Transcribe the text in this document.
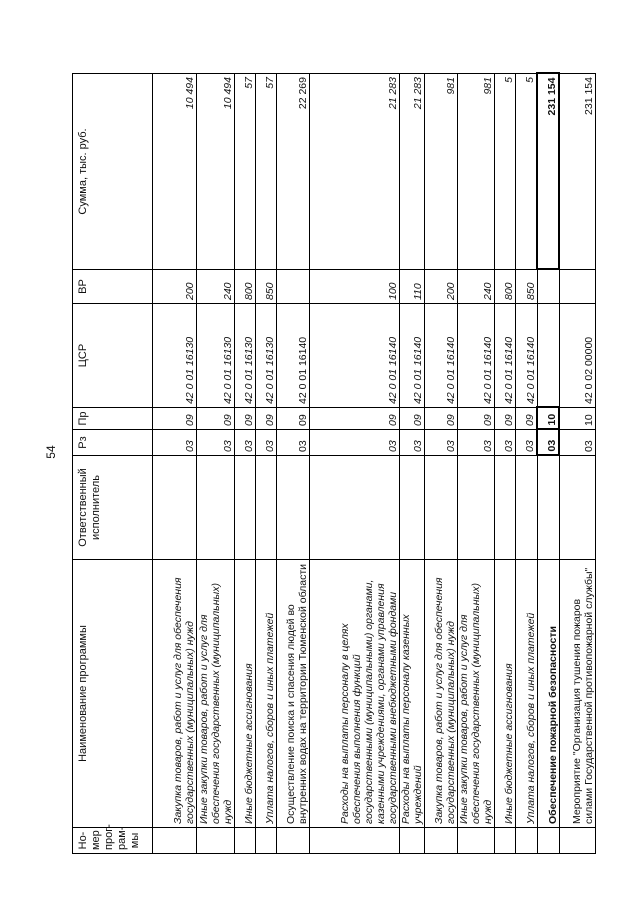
54
Но-мер прог-рам-мы	Наименование программы	Ответственный исполнитель	Рз	Пр	ЦСР	ВР	Сумма, тыс. руб.
	Закупка товаров, работ и услуг для обеспечения государственных (муниципальных) нужд		03	09	42 0 01 16130	200	10 494
	Иные закупки товаров, работ и услуг для обеспечения государственных (муниципальных) нужд		03	09	42 0 01 16130	240	10 494
	Иные бюджетные ассигнования		03	09	42 0 01 16130	800	57
	Уплата налогов, сборов и иных платежей		03	09	42 0 01 16130	850	57
	Осуществление поиска и спасения людей во внутренних водах на территории Тюменской области		03	09	42 0 01 16140		22 269
	Расходы на выплаты персоналу в целях обеспечения выполнения функций государственными (муниципальными) органами, казенными учреждениями, органами управления государственными внебюджетными фондами		03	09	42 0 01 16140	100	21 283
	Расходы на выплаты персоналу казенных учреждений		03	09	42 0 01 16140	110	21 283
	Закупка товаров, работ и услуг для обеспечения государственных (муниципальных) нужд		03	09	42 0 01 16140	200	981
	Иные закупки товаров, работ и услуг для обеспечения государственных (муниципальных) нужд		03	09	42 0 01 16140	240	981
	Иные бюджетные ассигнования		03	09	42 0 01 16140	800	5
	Уплата налогов, сборов и иных платежей		03	09	42 0 01 16140	850	5
	Обеспечение пожарной безопасности		03	10			231 154
	Мероприятие "Организация тушения пожаров силами Государственной противопожарной службы"		03	10	42 0 02 00000		231 154
